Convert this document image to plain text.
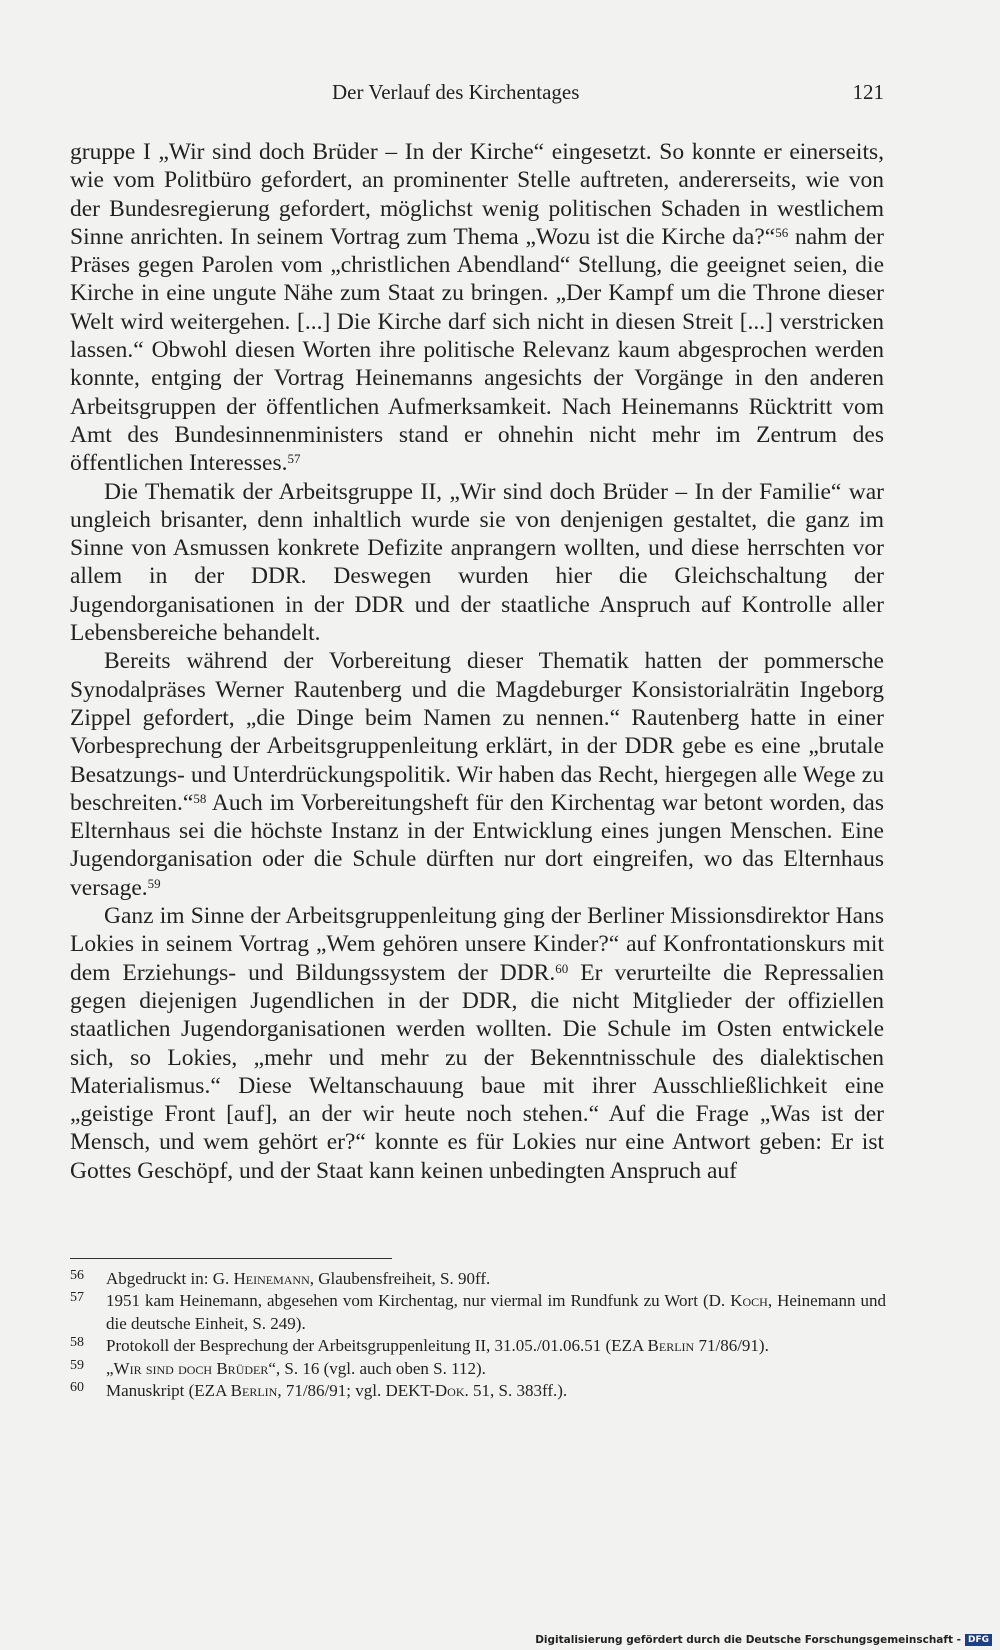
Der Verlauf des Kirchentages	121

gruppe I „Wir sind doch Brüder – In der Kirche“ eingesetzt. So konnte er einerseits, wie vom Politbüro gefordert, an prominenter Stelle auftreten, andererseits, wie von der Bundesregierung gefordert, möglichst wenig politischen Schaden in westlichem Sinne anrichten. In seinem Vortrag zum Thema „Wozu ist die Kirche da?“$^{56}$ nahm der Präses gegen Parolen vom „christlichen Abendland“ Stellung, die geeignet seien, die Kirche in eine ungute Nähe zum Staat zu bringen. „Der Kampf um die Throne dieser Welt wird weitergehen. [...] Die Kirche darf sich nicht in diesen Streit [...] verstricken lassen.“ Obwohl diesen Worten ihre politische Relevanz kaum abgesprochen werden konnte, entging der Vortrag Heinemanns angesichts der Vorgänge in den anderen Arbeitsgruppen der öffentlichen Aufmerksamkeit. Nach Heinemanns Rücktritt vom Amt des Bundesinnenministers stand er ohnehin nicht mehr im Zentrum des öffentlichen Interesses.$^{57}$

Die Thematik der Arbeitsgruppe II, „Wir sind doch Brüder – In der Familie“ war ungleich brisanter, denn inhaltlich wurde sie von denjenigen gestaltet, die ganz im Sinne von Asmussen konkrete Defizite anprangern wollten, und diese herrschten vor allem in der DDR. Deswegen wurden hier die Gleichschaltung der Jugendorganisationen in der DDR und der staatliche Anspruch auf Kontrolle aller Lebensbereiche behandelt.

Bereits während der Vorbereitung dieser Thematik hatten der pommersche Synodalpräses Werner Rautenberg und die Magdeburger Konsistorialrätin Ingeborg Zippel gefordert, „die Dinge beim Namen zu nennen.“ Rautenberg hatte in einer Vorbesprechung der Arbeitsgruppenleitung erklärt, in der DDR gebe es eine „brutale Besatzungs- und Unterdrückungspolitik. Wir haben das Recht, hiergegen alle Wege zu beschreiten.“$^{58}$ Auch im Vorbereitungsheft für den Kirchentag war betont worden, das Elternhaus sei die höchste Instanz in der Entwicklung eines jungen Menschen. Eine Jugendorganisation oder die Schule dürften nur dort eingreifen, wo das Elternhaus versage.$^{59}$

Ganz im Sinne der Arbeitsgruppenleitung ging der Berliner Missionsdirektor Hans Lokies in seinem Vortrag „Wem gehören unsere Kinder?“ auf Konfrontationskurs mit dem Erziehungs- und Bildungssystem der DDR.$^{60}$ Er verurteilte die Repressalien gegen diejenigen Jugendlichen in der DDR, die nicht Mitglieder der offiziellen staatlichen Jugendorganisationen werden wollten. Die Schule im Osten entwickele sich, so Lokies, „mehr und mehr zu der Bekenntnisschule des dialektischen Materialismus.“ Diese Weltanschauung baue mit ihrer Ausschließlichkeit eine „geistige Front [auf], an der wir heute noch stehen.“ Auf die Frage „Was ist der Mensch, und wem gehört er?“ konnte es für Lokies nur eine Antwort geben: Er ist Gottes Geschöpf, und der Staat kann keinen unbedingten Anspruch auf

56	Abgedruckt in: G. Heinemann, Glaubensfreiheit, S. 90ff.
57	1951 kam Heinemann, abgesehen vom Kirchentag, nur viermal im Rundfunk zu Wort (D. Koch, Heinemann und die deutsche Einheit, S. 249).
58	Protokoll der Besprechung der Arbeitsgruppenleitung II, 31.05./01.06.51 (EZA Berlin 71/86/91).
59	„Wir sind doch Brüder“, S. 16 (vgl. auch oben S. 112).
60	Manuskript (EZA Berlin, 71/86/91; vgl. DEKT-Dok. 51, S. 383ff.).
Digitalisierung gefördert durch die Deutsche Forschungsgemeinschaft - DFG
